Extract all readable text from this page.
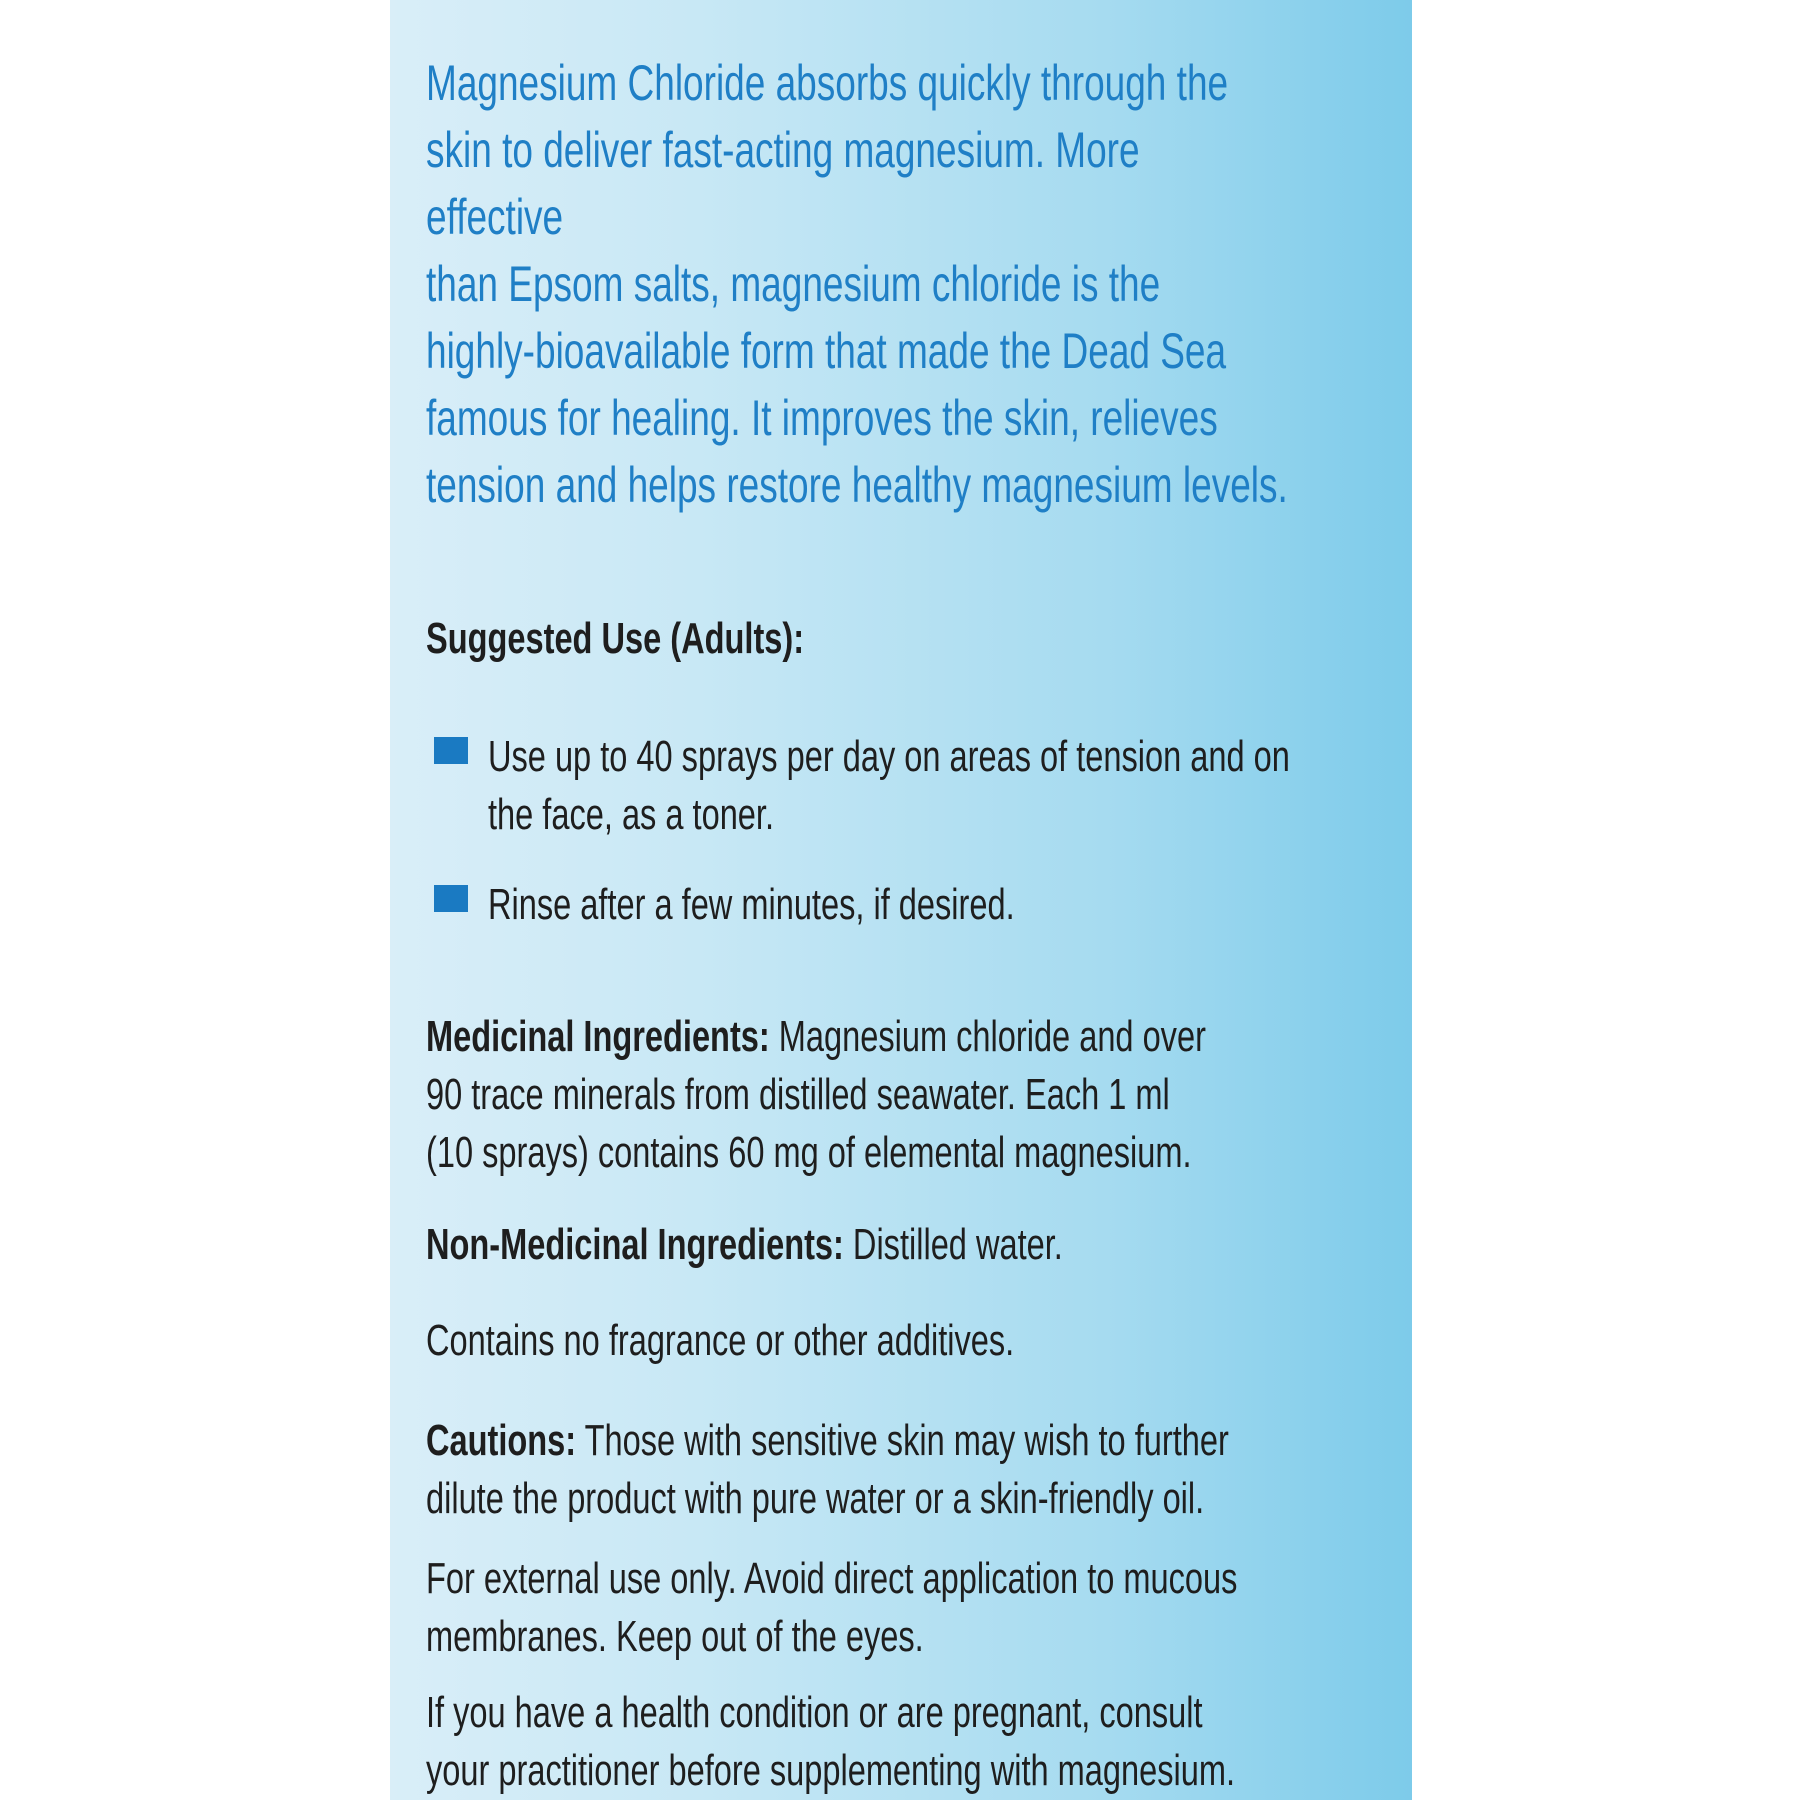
Magnesium Chloride absorbs quickly through the
skin to deliver fast-acting magnesium. More
effective
than Epsom salts, magnesium chloride is the
highly-bioavailable form that made the Dead Sea
famous for healing. It improves the skin, relieves
tension and helps restore healthy magnesium levels.

Suggested Use (Adults):

Use up to 40 sprays per day on areas of tension and on
the face, as a toner.

Rinse after a few minutes, if desired.

Medicinal Ingredients: Magnesium chloride and over
90 trace minerals from distilled seawater. Each 1 ml
(10 sprays) contains 60 mg of elemental magnesium.

Non-Medicinal Ingredients: Distilled water.

Contains no fragrance or other additives.

Cautions: Those with sensitive skin may wish to further
dilute the product with pure water or a skin-friendly oil.

For external use only. Avoid direct application to mucous
membranes. Keep out of the eyes.

If you have a health condition or are pregnant, consult
your practitioner before supplementing with magnesium.
